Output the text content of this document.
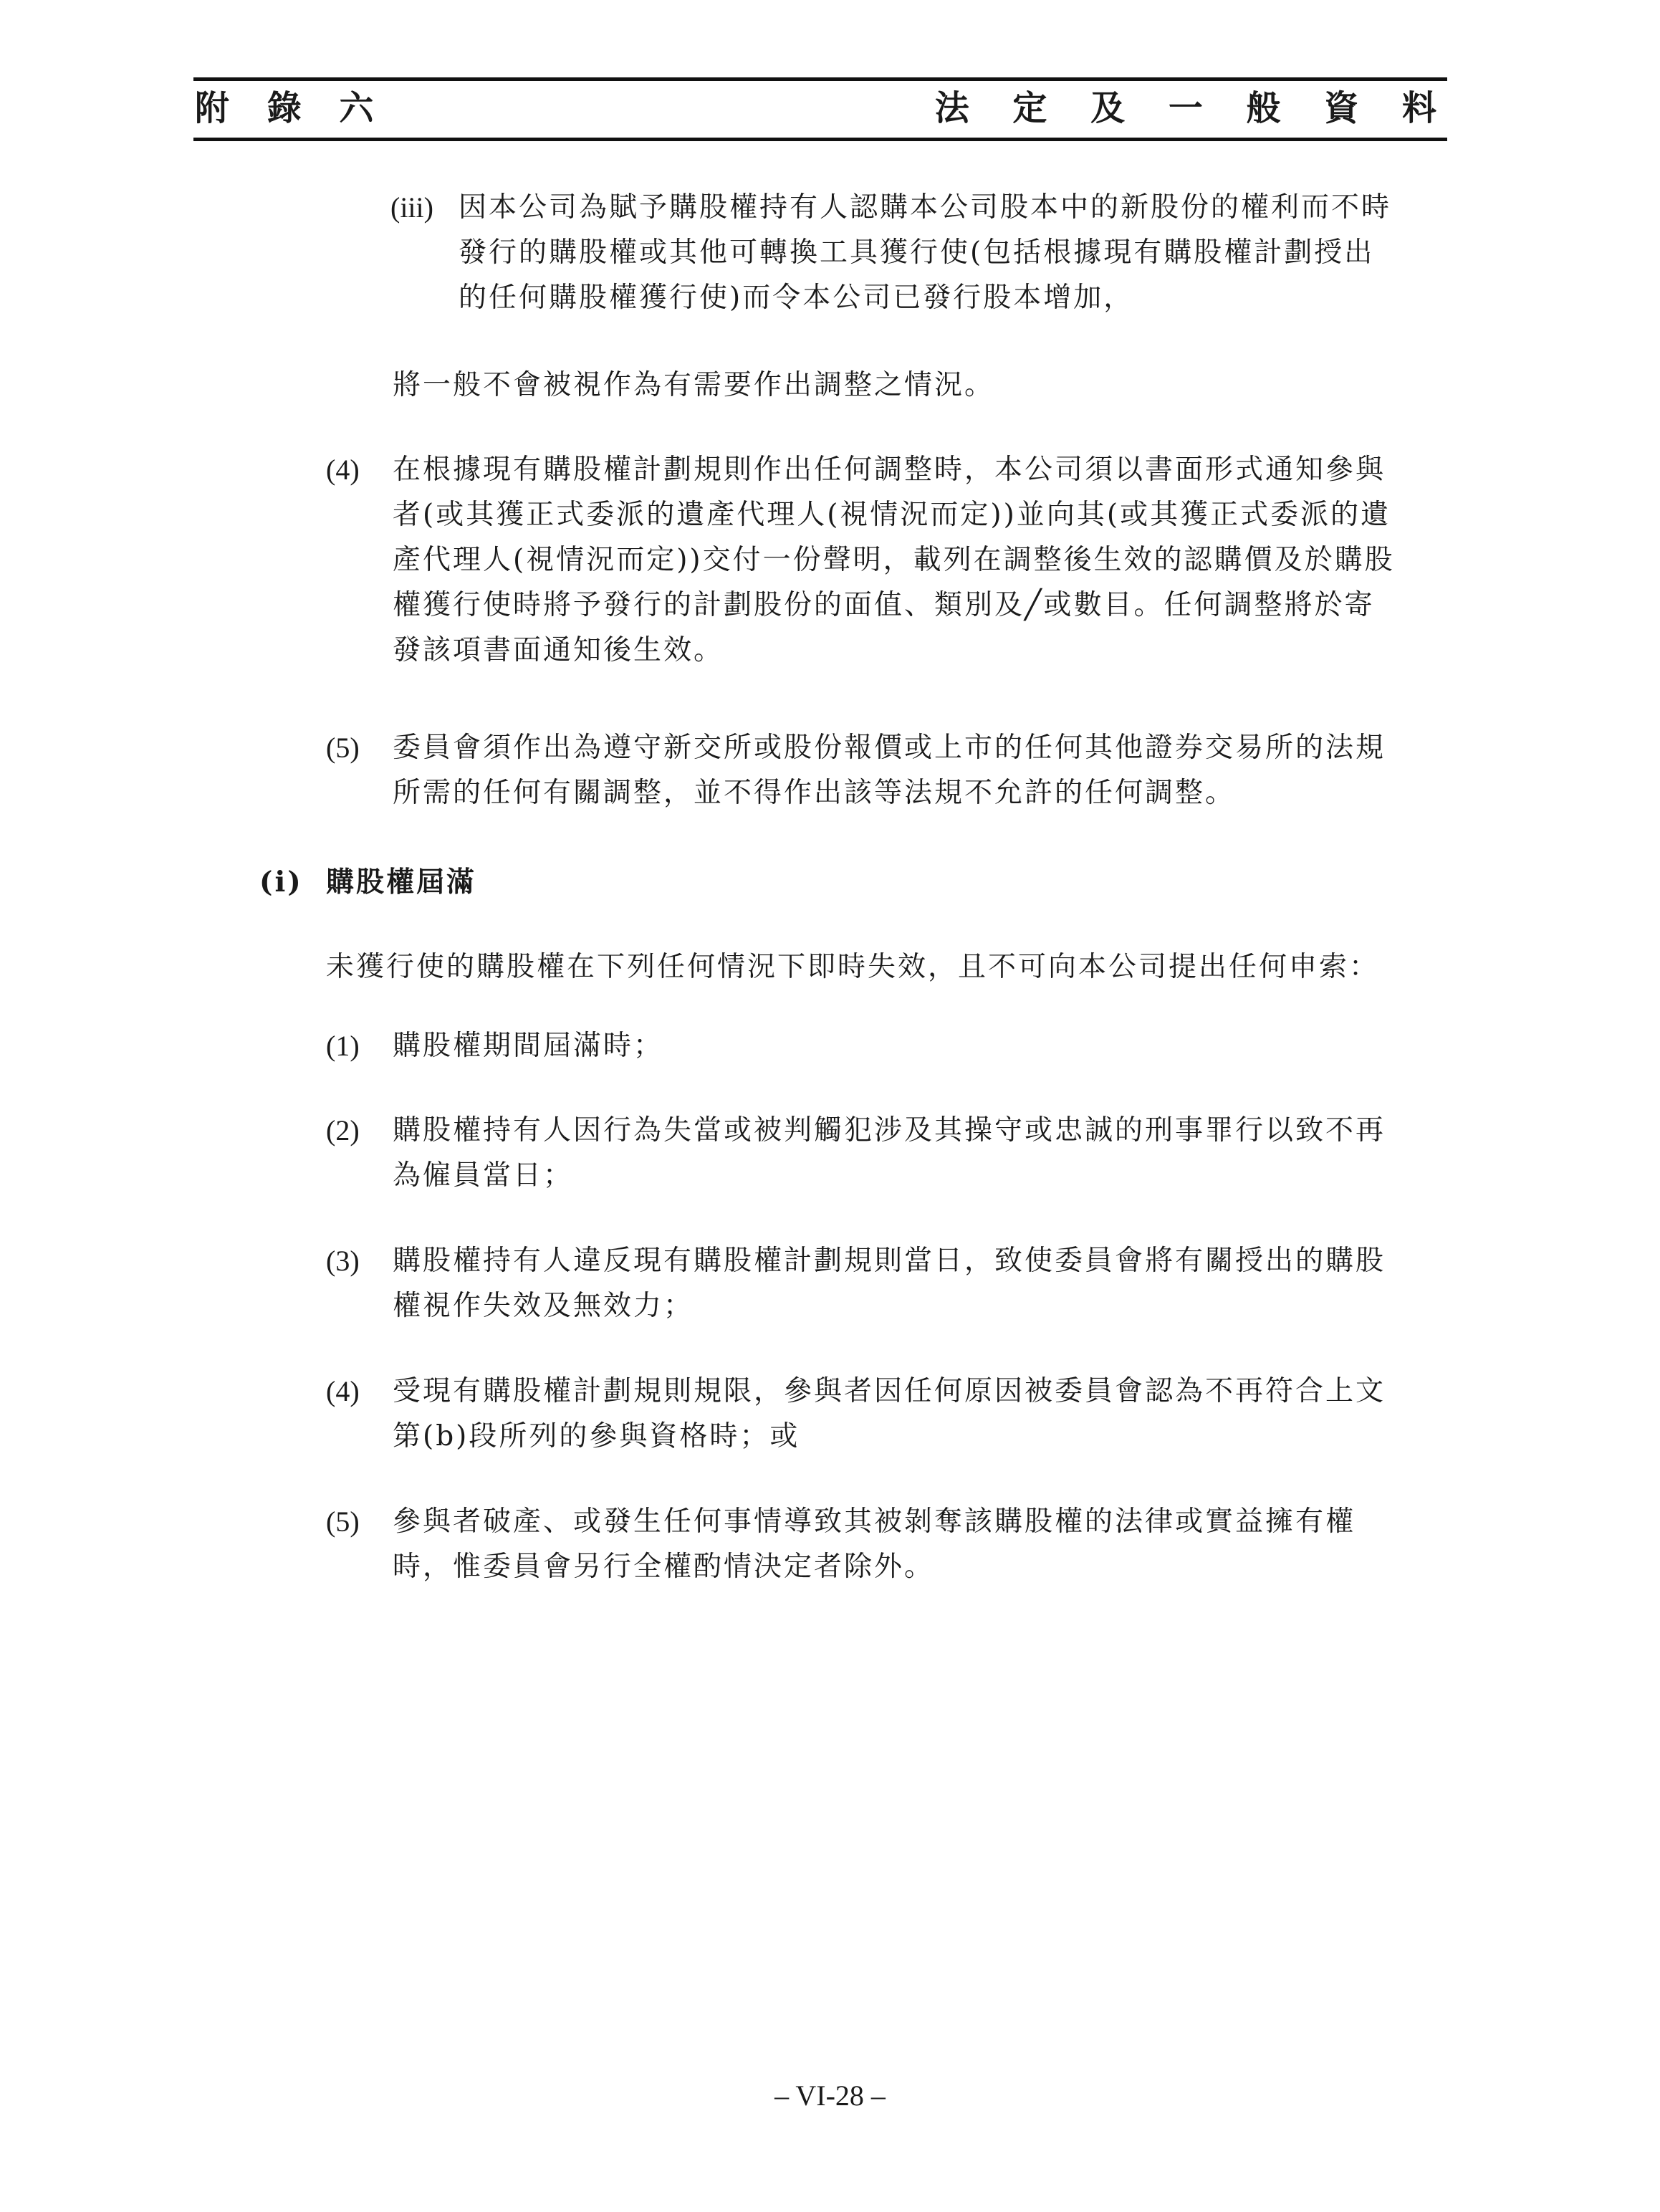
附 錄 六	法 定 及 一 般 資 料
(iii) 因本公司為賦予購股權持有人認購本公司股本中的新股份的權利而不時
發行的購股權或其他可轉換工具獲行使(包括根據現有購股權計劃授出
的任何購股權獲行使)而令本公司已發行股本增加，
將一般不會被視作為有需要作出調整之情況。
(4) 在根據現有購股權計劃規則作出任何調整時，本公司須以書面形式通知參與
者(或其獲正式委派的遺產代理人(視情況而定))並向其(或其獲正式委派的遺
產代理人(視情況而定))交付一份聲明，載列在調整後生效的認購價及於購股
權獲行使時將予發行的計劃股份的面值、類別及╱或數目。任何調整將於寄
發該項書面通知後生效。
(5) 委員會須作出為遵守新交所或股份報價或上市的任何其他證券交易所的法規
所需的任何有關調整，並不得作出該等法規不允許的任何調整。
(i) 購股權屆滿
未獲行使的購股權在下列任何情況下即時失效，且不可向本公司提出任何申索：
(1) 購股權期間屆滿時；
(2) 購股權持有人因行為失當或被判觸犯涉及其操守或忠誠的刑事罪行以致不再
為僱員當日；
(3) 購股權持有人違反現有購股權計劃規則當日，致使委員會將有關授出的購股
權視作失效及無效力；
(4) 受現有購股權計劃規則規限，參與者因任何原因被委員會認為不再符合上文
第(b)段所列的參與資格時；或
(5) 參與者破產、或發生任何事情導致其被剝奪該購股權的法律或實益擁有權
時，惟委員會另行全權酌情決定者除外。
– VI-28 –
